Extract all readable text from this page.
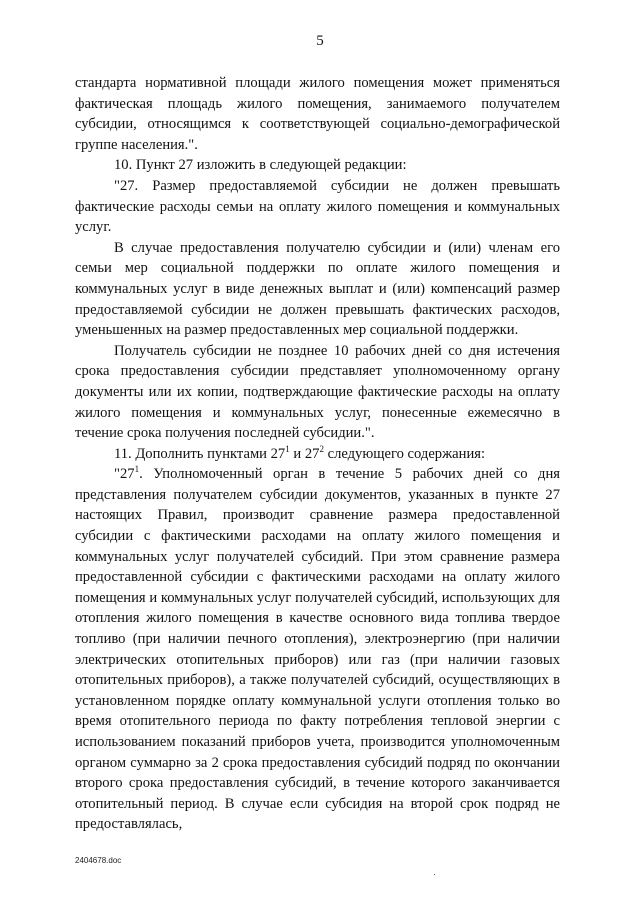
5

стандарта нормативной площади жилого помещения может применяться фактическая площадь жилого помещения, занимаемого получателем субсидии, относящимся к соответствующей социально-демографической группе населения.".

10. Пункт 27 изложить в следующей редакции:

"27. Размер предоставляемой субсидии не должен превышать фактические расходы семьи на оплату жилого помещения и коммунальных услуг.

В случае предоставления получателю субсидии и (или) членам его семьи мер социальной поддержки по оплате жилого помещения и коммунальных услуг в виде денежных выплат и (или) компенсаций размер предоставляемой субсидии не должен превышать фактических расходов, уменьшенных на размер предоставленных мер социальной поддержки.

Получатель субсидии не позднее 10 рабочих дней со дня истечения срока предоставления субсидии представляет уполномоченному органу документы или их копии, подтверждающие фактические расходы на оплату жилого помещения и коммунальных услуг, понесенные ежемесячно в течение срока получения последней субсидии.".

11. Дополнить пунктами $27^1$ и $27^2$ следующего содержания:

"$27^1$. Уполномоченный орган в течение 5 рабочих дней со дня представления получателем субсидии документов, указанных в пункте 27 настоящих Правил, производит сравнение размера предоставленной субсидии с фактическими расходами на оплату жилого помещения и коммунальных услуг получателей субсидий. При этом сравнение размера предоставленной субсидии с фактическими расходами на оплату жилого помещения и коммунальных услуг получателей субсидий, использующих для отопления жилого помещения в качестве основного вида топлива твердое топливо (при наличии печного отопления), электроэнергию (при наличии электрических отопительных приборов) или газ (при наличии газовых отопительных приборов), а также получателей субсидий, осуществляющих в установленном порядке оплату коммунальной услуги отопления только во время отопительного периода по факту потребления тепловой энергии с использованием показаний приборов учета, производится уполномоченным органом суммарно за 2 срока предоставления субсидий подряд по окончании второго срока предоставления субсидий, в течение которого заканчивается отопительный период. В случае если субсидия на второй срок подряд не предоставлялась,

2404678.doc
